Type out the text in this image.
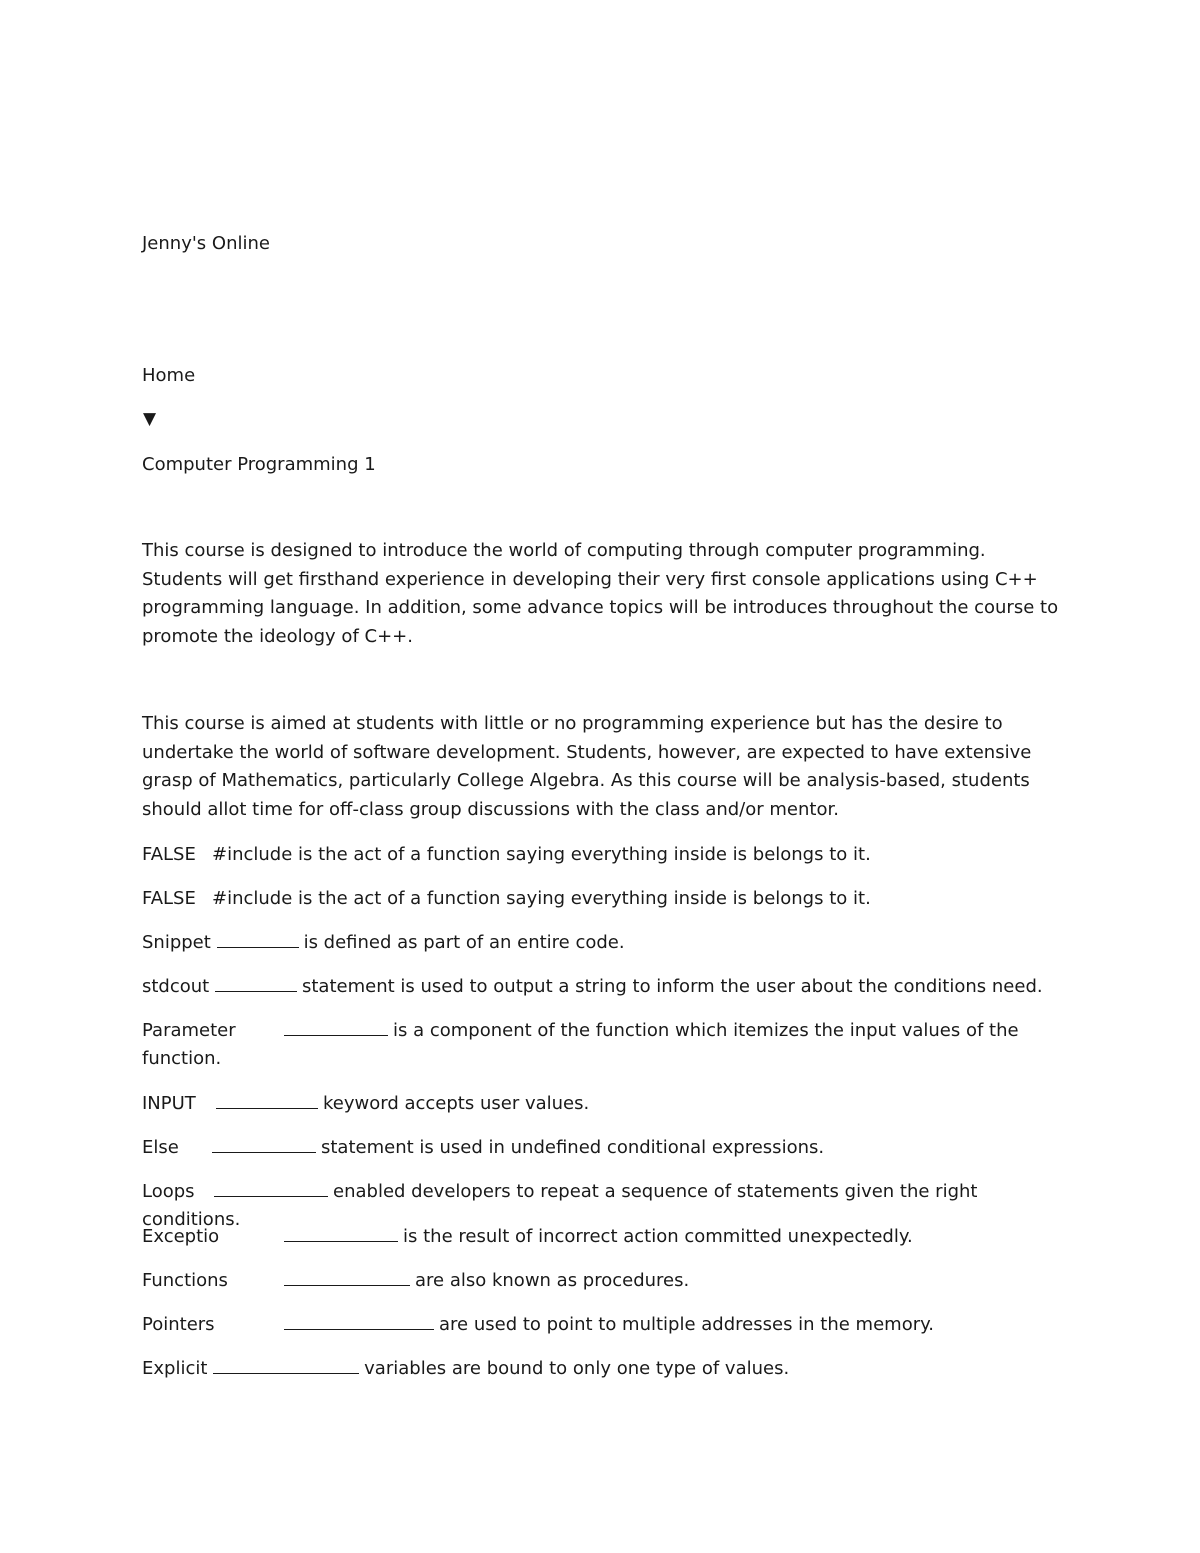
Jenny's Online
Home
▼
Computer Programming 1
This course is designed to introduce the world of computing through computer programming. Students will get firsthand experience in developing their very first console applications using C++ programming language. In addition, some advance topics will be introduces throughout the course to promote the ideology of C++.
This course is aimed at students with little or no programming experience but has the desire to undertake the world of software development. Students, however, are expected to have extensive grasp of Mathematics, particularly College Algebra. As this course will be analysis-based, students should allot time for off-class group discussions with the class and/or mentor.
FALSE #include is the act of a function saying everything inside is belongs to it.
FALSE #include is the act of a function saying everything inside is belongs to it.
Snippet	is defined as part of an entire code.
stdcout	statement is used to output a string to inform the user about the conditions need.
Parameter	is a component of the function which itemizes the input values of the function.
INPUT	keyword accepts user values.
Else	statement is used in undefined conditional expressions.
Loops	enabled developers to repeat a sequence of statements given the right conditions.
Exceptio	is the result of incorrect action committed unexpectedly.
Functions	are also known as procedures.
Pointers	are used to point to multiple addresses in the memory.
Explicit	variables are bound to only one type of values.
